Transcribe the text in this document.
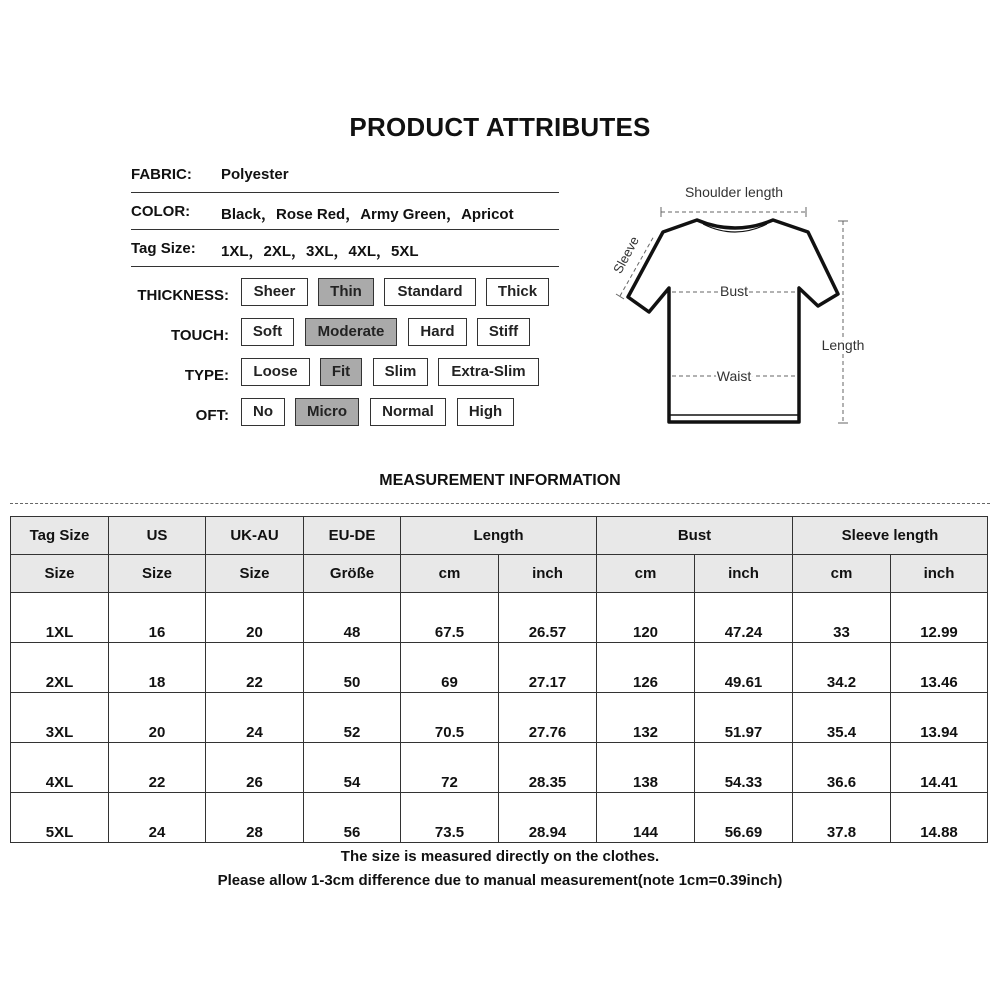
PRODUCT ATTRIBUTES
FABRIC: Polyester
COLOR: Black，Rose Red，Army Green，Apricot
Tag Size: 1XL，2XL，3XL，4XL，5XL
THICKNESS:	Sheer	Thin	Standard	Thick
TOUCH:	Soft	Moderate	Hard	Stiff
TYPE:	Loose	Fit	Slim	Extra-Slim
OFT:	No	Micro	Normal	High
Shoulder length
Sleeve
Bust
Waist
Length
MEASUREMENT INFORMATION
Tag Size	US	UK-AU	EU-DE	Length		Bust		Sleeve length	
Size	Size	Size	Größe	cm	inch	cm	inch	cm	inch
1XL	16	20	48	67.5	26.57	120	47.24	33	12.99
2XL	18	22	50	69	27.17	126	49.61	34.2	13.46
3XL	20	24	52	70.5	27.76	132	51.97	35.4	13.94
4XL	22	26	54	72	28.35	138	54.33	36.6	14.41
5XL	24	28	56	73.5	28.94	144	56.69	37.8	14.88
The size is measured directly on the clothes.
Please allow 1-3cm difference due to manual measurement(note 1cm=0.39inch)
